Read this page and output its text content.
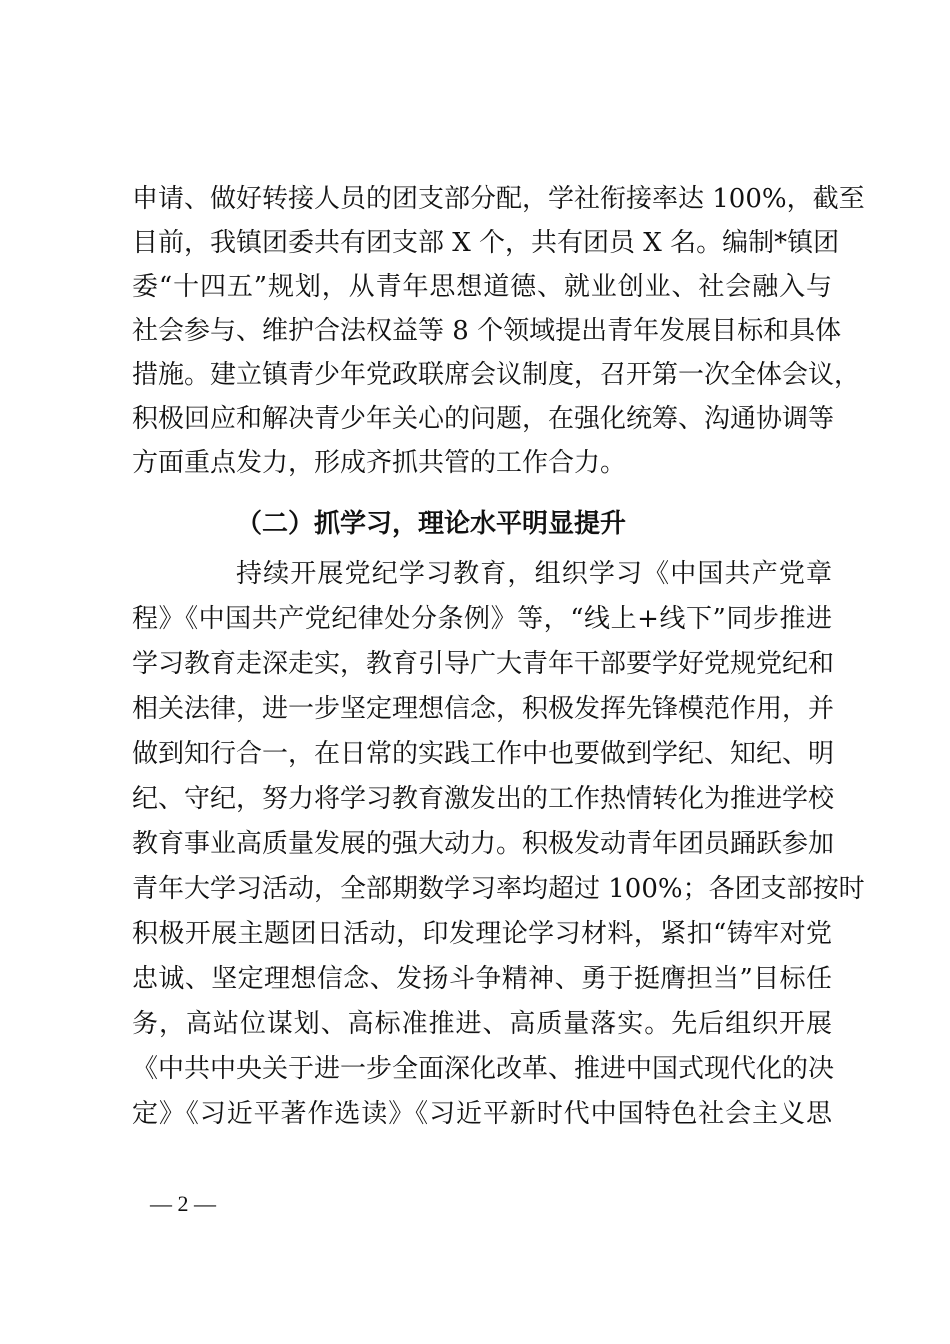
申请、做好转接人员的团支部分配，学社衔接率达 100%，截至
目前，我镇团委共有团支部 X 个，共有团员 X 名。编制*镇团
委“十四五”规划，从青年思想道德、就业创业、社会融入与
社会参与、维护合法权益等 8 个领域提出青年发展目标和具体
措施。建立镇青少年党政联席会议制度，召开第一次全体会议，
积极回应和解决青少年关心的问题，在强化统筹、沟通协调等
方面重点发力，形成齐抓共管的工作合力。
（二）抓学习，理论水平明显提升
持续开展党纪学习教育，组织学习《中国共产党章
程》《中国共产党纪律处分条例》等，“线上+线下”同步推进
学习教育走深走实，教育引导广大青年干部要学好党规党纪和
相关法律，进一步坚定理想信念，积极发挥先锋模范作用，并
做到知行合一，在日常的实践工作中也要做到学纪、知纪、明
纪、守纪，努力将学习教育激发出的工作热情转化为推进学校
教育事业高质量发展的强大动力。积极发动青年团员踊跃参加
青年大学习活动，全部期数学习率均超过 100%；各团支部按时
积极开展主题团日活动，印发理论学习材料，紧扣“铸牢对党
忠诚、坚定理想信念、发扬斗争精神、勇于挺膺担当”目标任
务，高站位谋划、高标准推进、高质量落实。先后组织开展
《中共中央关于进一步全面深化改革、推进中国式现代化的决
定》《习近平著作选读》《习近平新时代中国特色社会主义思
— 2 —
